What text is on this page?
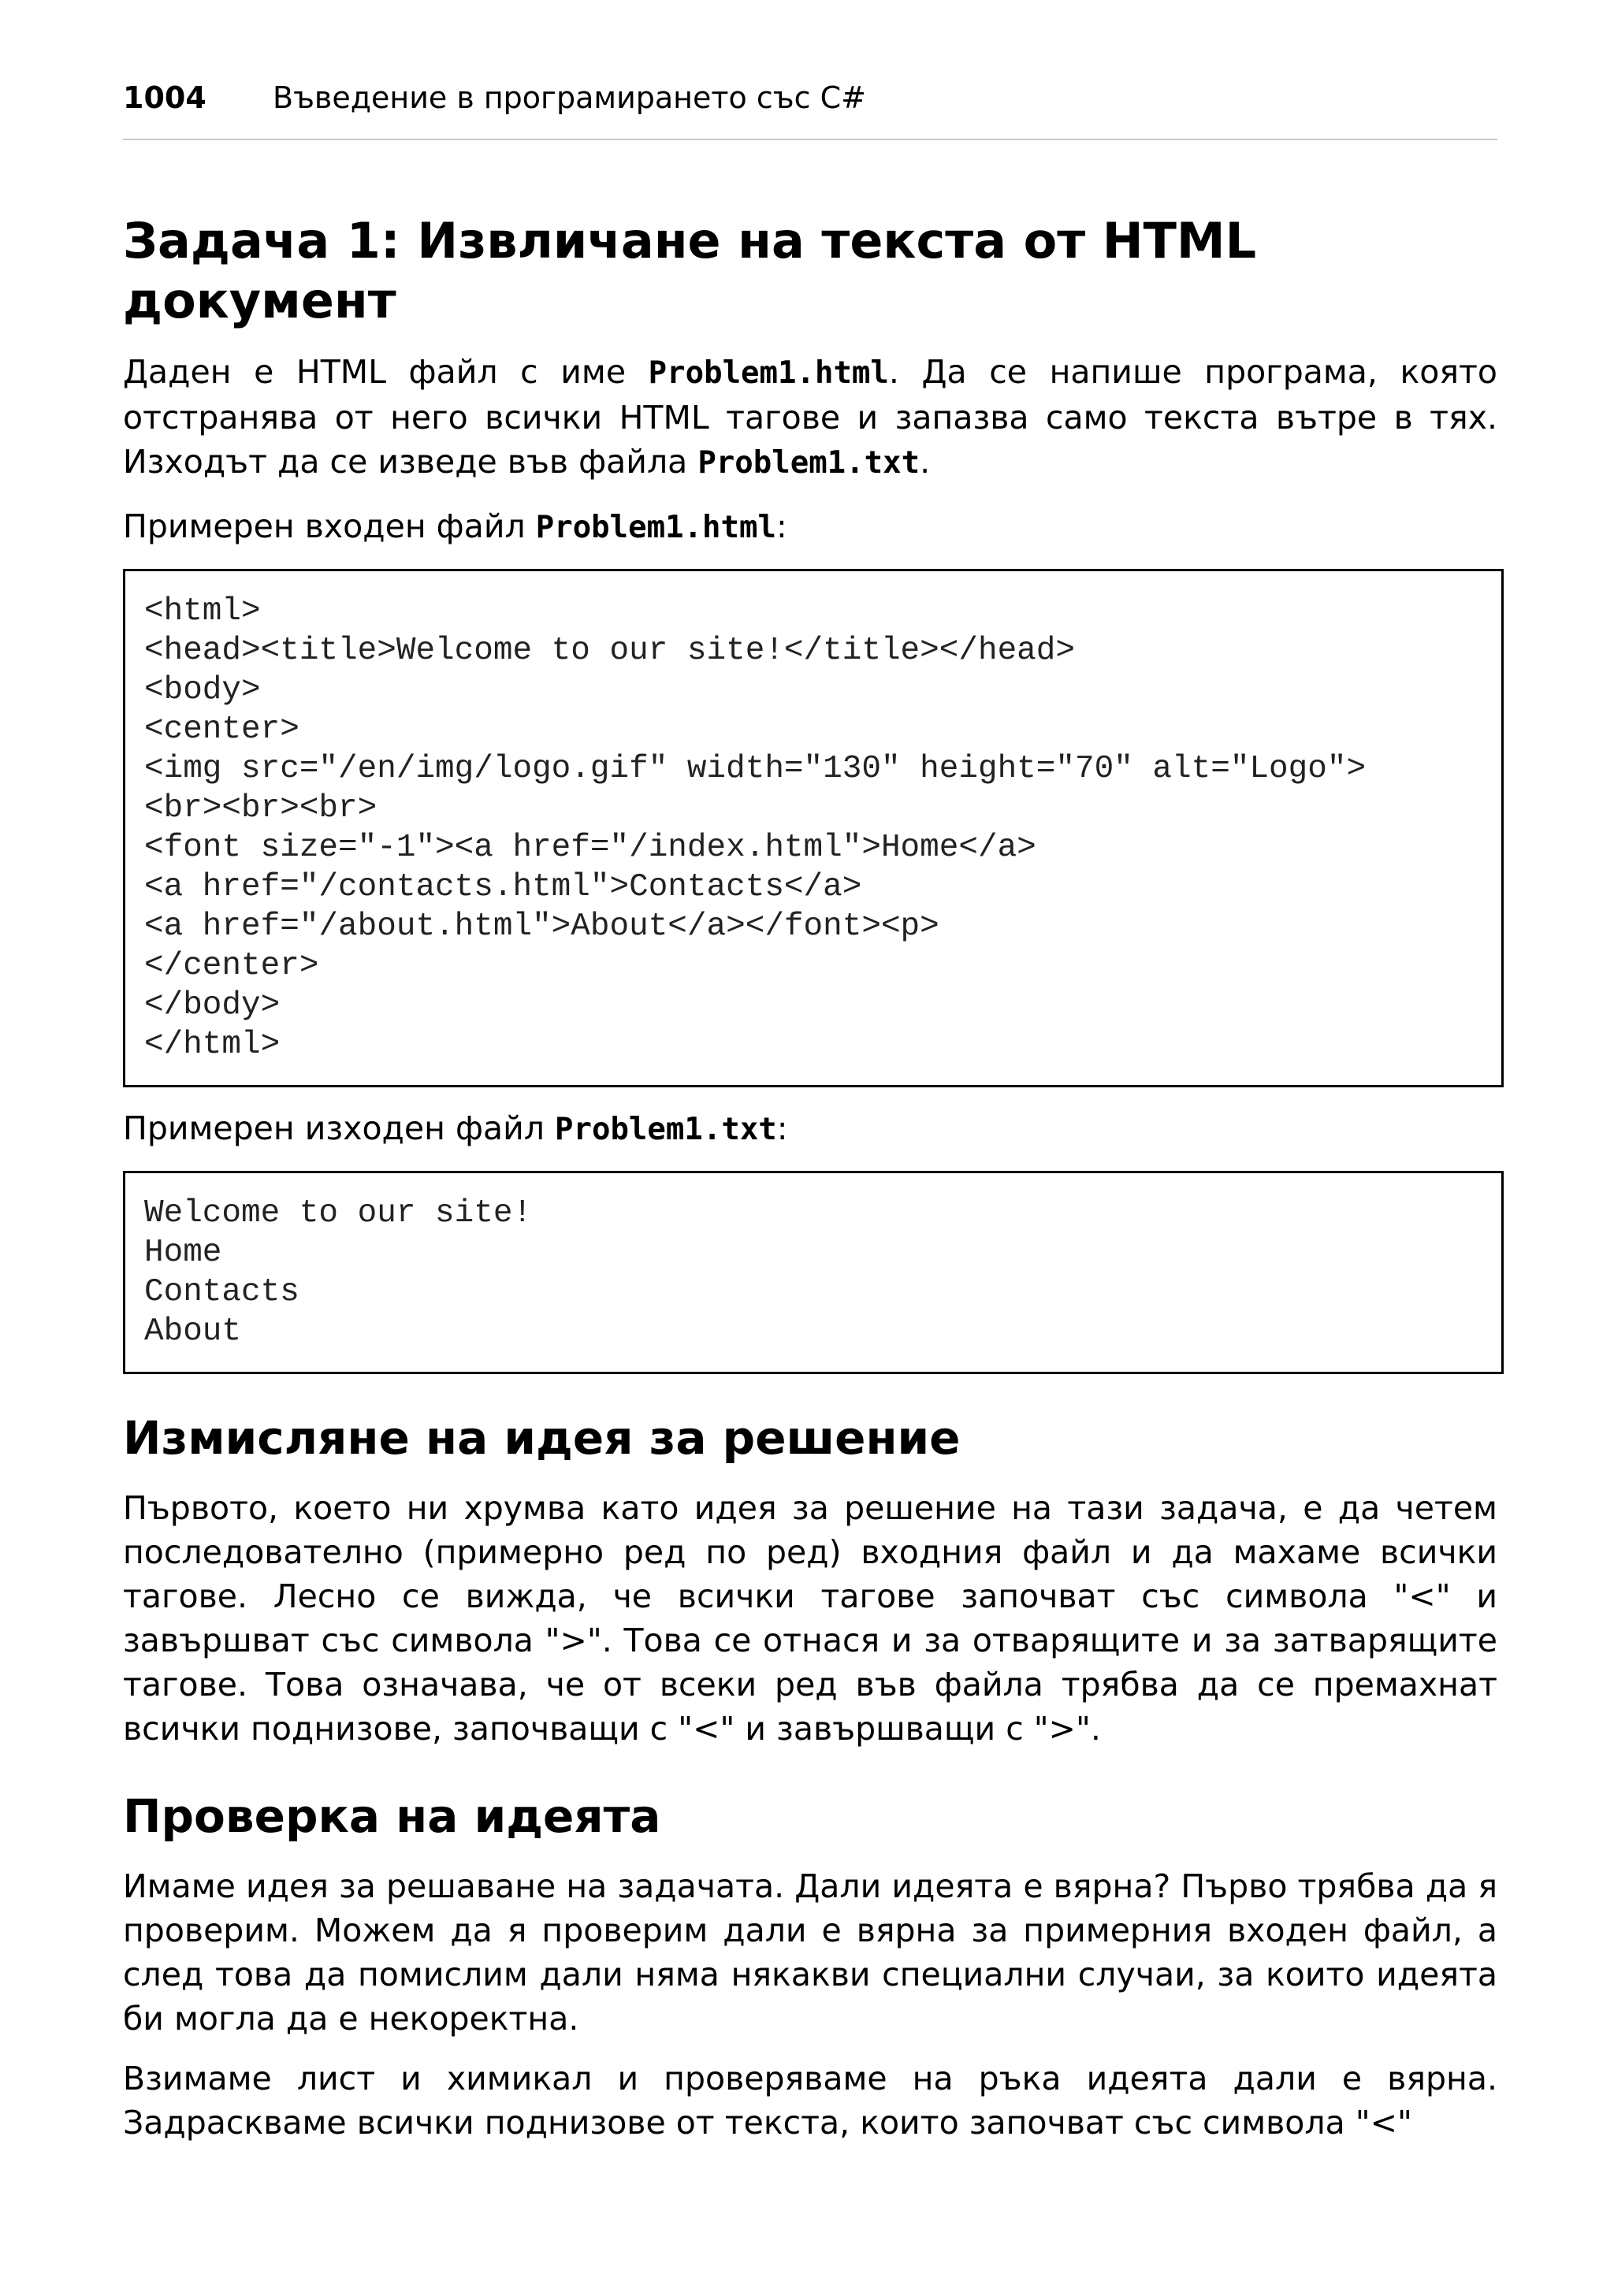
1004 Въведение в програмирането със C#
Задача 1: Извличане на текста от HTML документ

Даден е HTML файл с име Problem1.html. Да се напише програма, която отстранява от него всички HTML тагове и запазва само текста вътре в тях. Изходът да се изведе във файла Problem1.txt.

Примерен входен файл Problem1.html:
<html>
<head><title>Welcome to our site!</title></head>
<body>
<center>
<img src="/en/img/logo.gif" width="130" height="70" alt="Logo">
<br><br><br>
<font size="-1"><a href="/index.html">Home</a>
<a href="/contacts.html">Contacts</a>
<a href="/about.html">About</a></font><p>
</center>
</body>
</html>
Примерен изходен файл Problem1.txt:
Welcome to our site!
Home
Contacts
About
Измисляне на идея за решение

Първото, което ни хрумва като идея за решение на тази задача, е да четем последователно (примерно ред по ред) входния файл и да махаме всички тагове. Лесно се вижда, че всички тагове започват със символа "<" и завършват със символа ">". Това се отнася и за отварящите и за затварящите тагове. Това означава, че от всеки ред във файла трябва да се премахнат всички поднизове, започващи с "<" и завършващи с ">".

Проверка на идеята

Имаме идея за решаване на задачата. Дали идеята е вярна? Първо трябва да я проверим. Можем да я проверим дали е вярна за примерния входен файл, а след това да помислим дали няма някакви специални случаи, за които идеята би могла да е некоректна.

Взимаме лист и химикал и проверяваме на ръка идеята дали е вярна. Задраскваме всички поднизове от текста, които започват със символа "<"
